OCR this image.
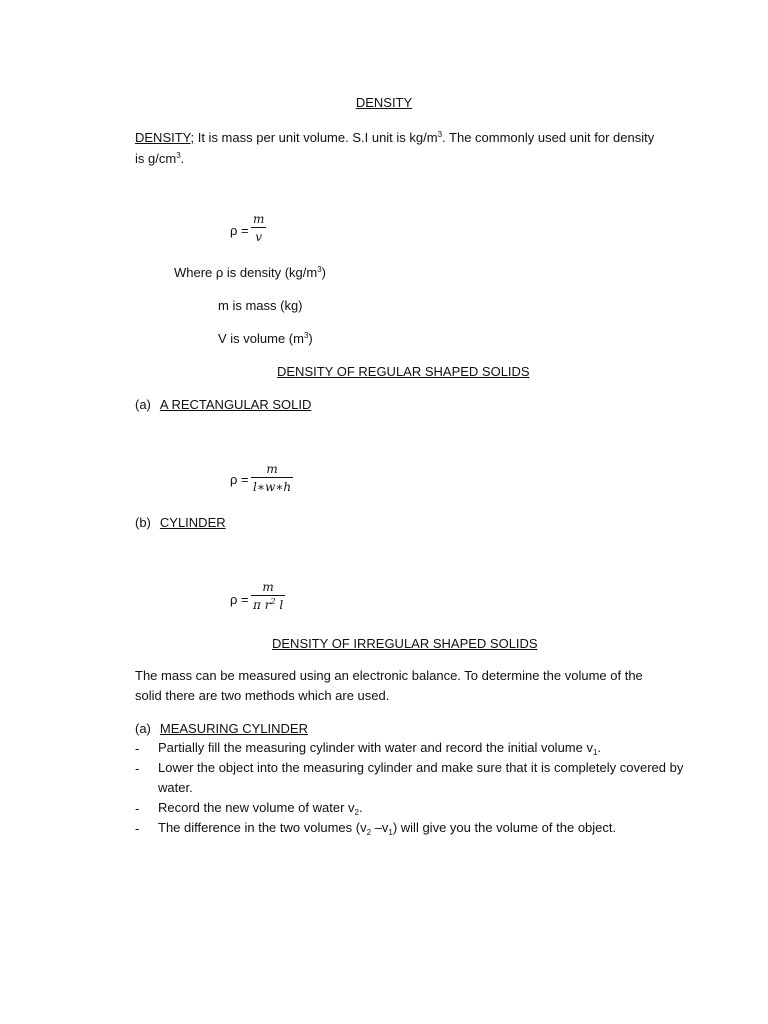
DENSITY
DENSITY; It is mass per unit volume. S.I unit is $kg/m^3$. The commonly used unit for density is $g/cm^3$.
ρ =
m
v
Where ρ is density $(kg/m^3)$
m is mass (kg)
V is volume $(m^3)$
DENSITY OF REGULAR SHAPED SOLIDS
(a) A RECTANGULAR SOLID
ρ =
m
l∗w∗h
(b) CYLINDER
ρ =
m
π $r^2$ l
DENSITY OF IRREGULAR SHAPED SOLIDS
The mass can be measured using an electronic balance. To determine the volume of the solid there are two methods which are used.
(a) MEASURING CYLINDER
- Partially fill the measuring cylinder with water and record the initial volume $v_1$.
- Lower the object into the measuring cylinder and make sure that it is completely covered by water.
- Record the new volume of water $v_2$.
- The difference in the two volumes ($v_2$ $-v_1$) will give you the volume of the object.
